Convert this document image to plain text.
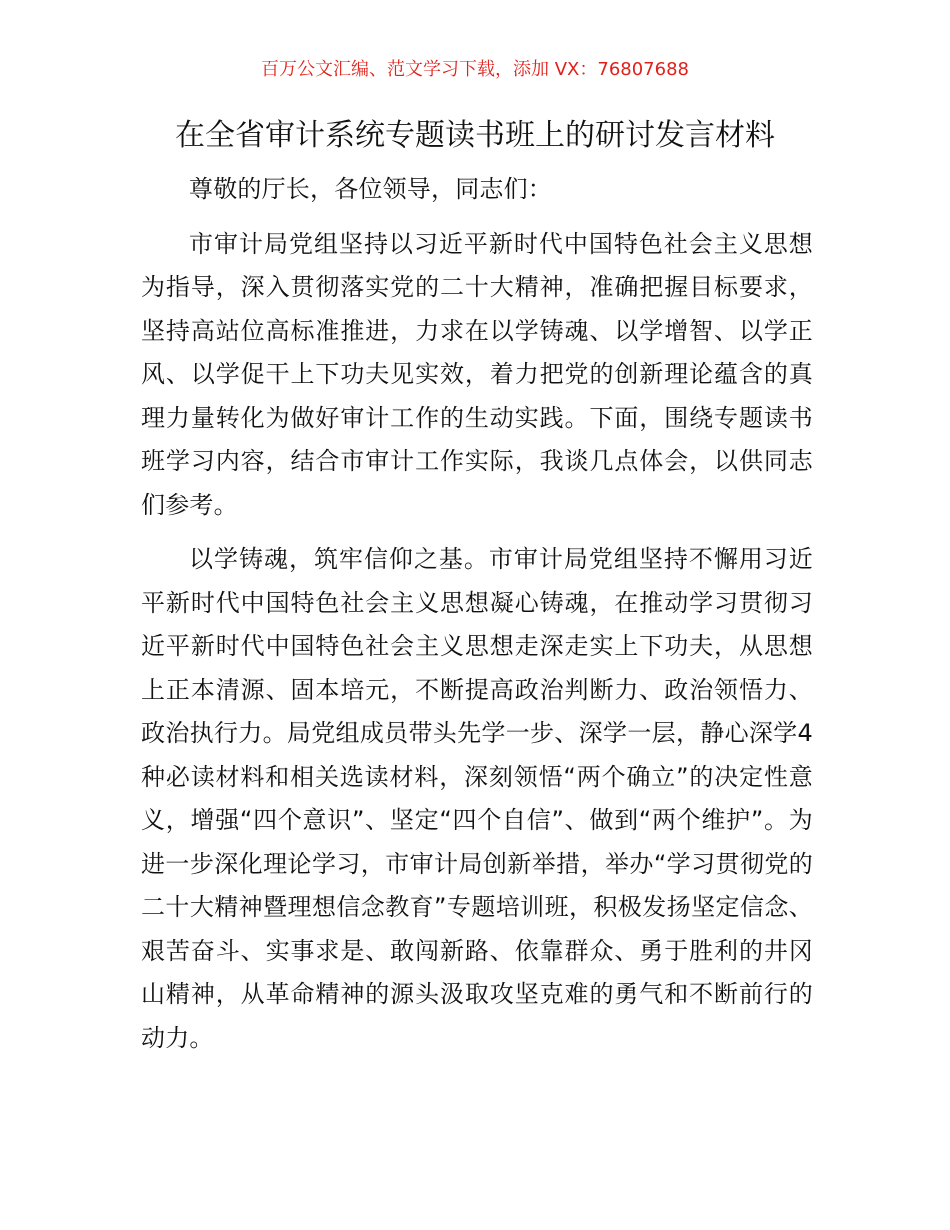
百万公文汇编、范文学习下载，添加 VX：76807688
在全省审计系统专题读书班上的研讨发言材料

尊敬的厅长，各位领导，同志们：

市审计局党组坚持以习近平新时代中国特色社会主义思想为指导，深入贯彻落实党的二十大精神，准确把握目标要求，坚持高站位高标准推进，力求在以学铸魂、以学增智、以学正风、以学促干上下功夫见实效，着力把党的创新理论蕴含的真理力量转化为做好审计工作的生动实践。下面，围绕专题读书班学习内容，结合市审计工作实际，我谈几点体会，以供同志们参考。

以学铸魂，筑牢信仰之基。市审计局党组坚持不懈用习近平新时代中国特色社会主义思想凝心铸魂，在推动学习贯彻习近平新时代中国特色社会主义思想走深走实上下功夫，从思想上正本清源、固本培元，不断提高政治判断力、政治领悟力、政治执行力。局党组成员带头先学一步、深学一层，静心深学4种必读材料和相关选读材料，深刻领悟“两个确立”的决定性意义，增强“四个意识”、坚定“四个自信”、做到“两个维护”。为进一步深化理论学习，市审计局创新举措，举办“学习贯彻党的二十大精神暨理想信念教育”专题培训班，积极发扬坚定信念、艰苦奋斗、实事求是、敢闯新路、依靠群众、勇于胜利的井冈山精神，从革命精神的源头汲取攻坚克难的勇气和不断前行的动力。
